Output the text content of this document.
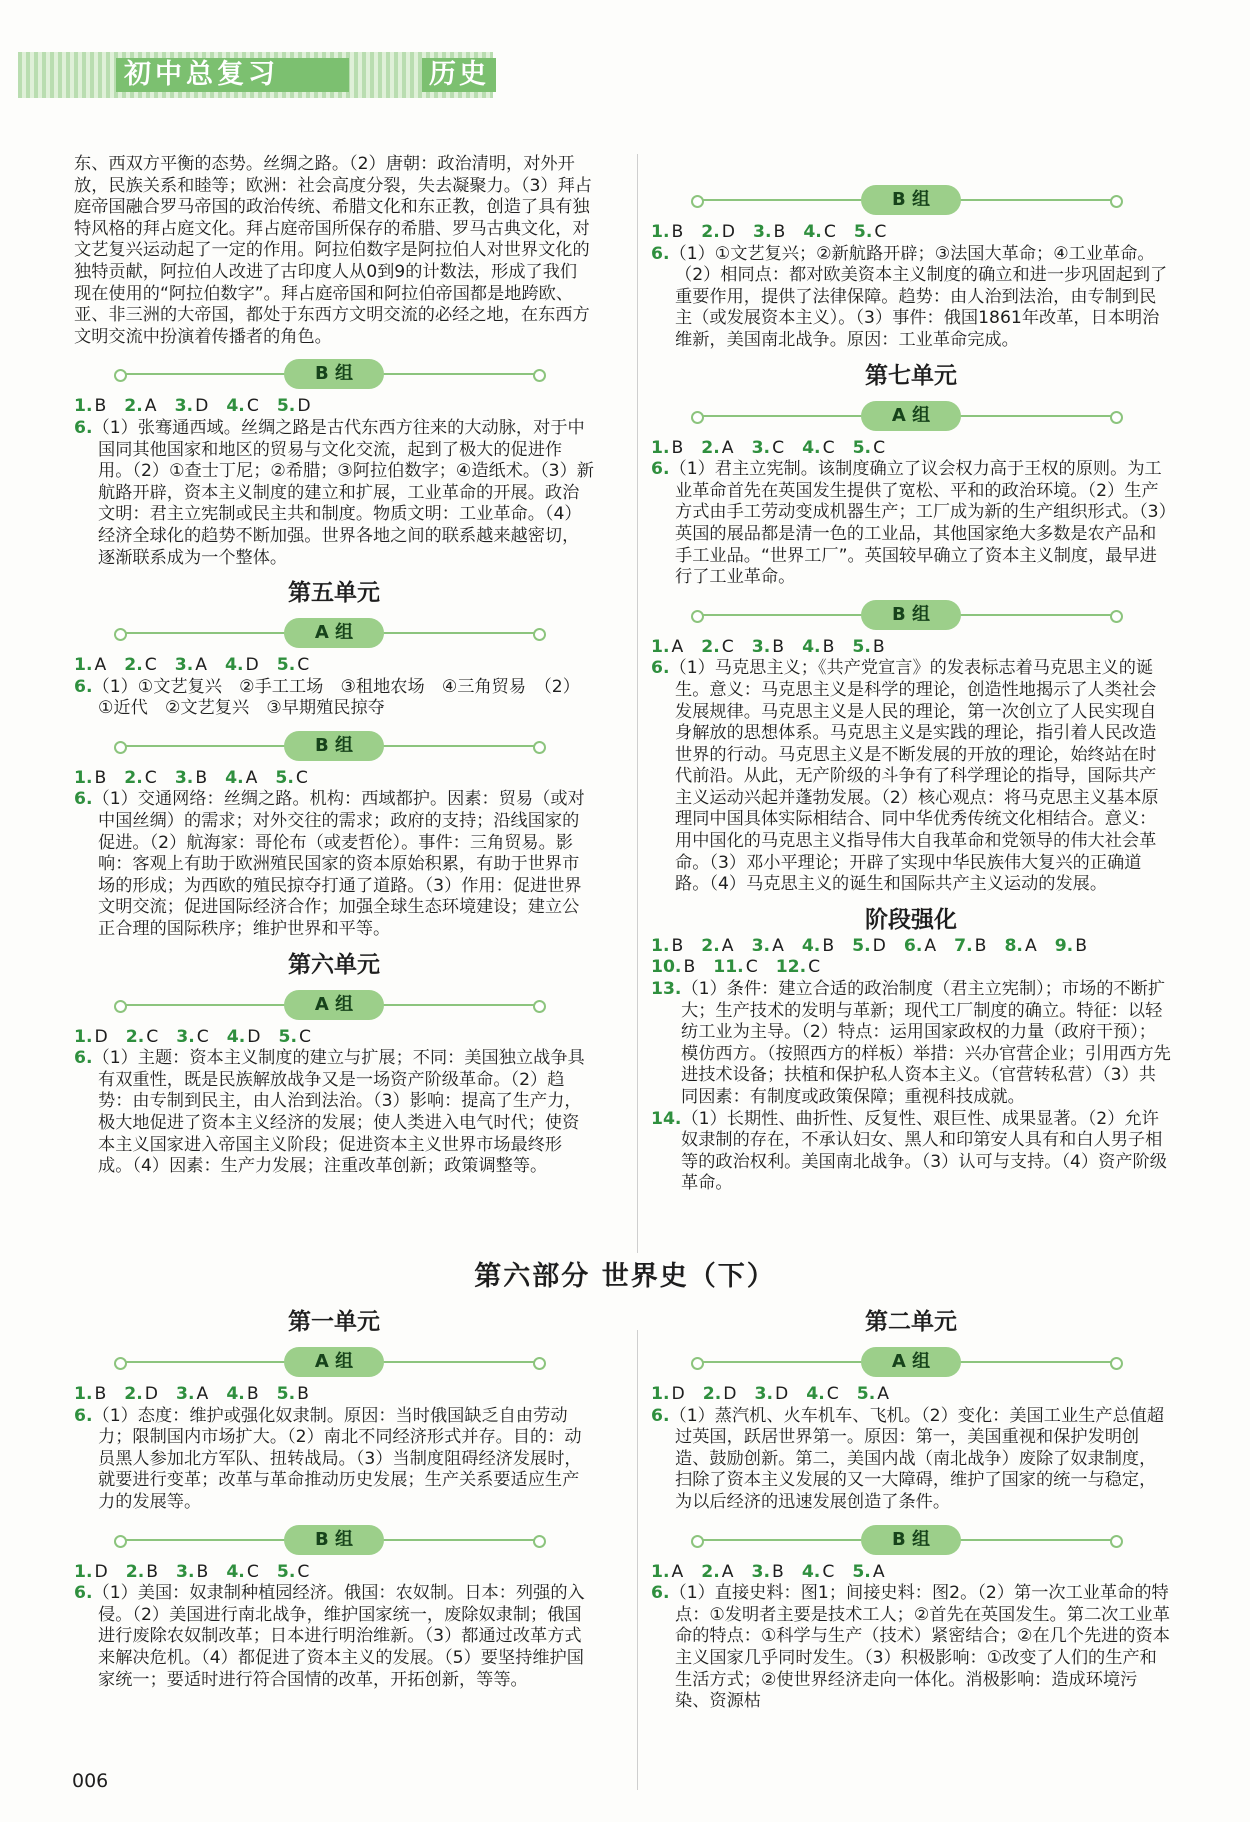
初中总复习	历史

东、西双方平衡的态势。丝绸之路。（2）唐朝：政治清明，对外开放，民族关系和睦等；欧洲：社会高度分裂，失去凝聚力。（3）拜占庭帝国融合罗马帝国的政治传统、希腊文化和东正教，创造了具有独特风格的拜占庭文化。拜占庭帝国所保存的希腊、罗马古典文化，对文艺复兴运动起了一定的作用。阿拉伯数字是阿拉伯人对世界文化的独特贡献，阿拉伯人改进了古印度人从0到9的计数法，形成了我们现在使用的“阿拉伯数字”。拜占庭帝国和阿拉伯帝国都是地跨欧、亚、非三洲的大帝国，都处于东西方文明交流的必经之地，在东西方文明交流中扮演着传播者的角色。

B 组

1. B 2. A 3. D 4. C 5. D

6.（1）张骞通西域。丝绸之路是古代东西方往来的大动脉，对于中国同其他国家和地区的贸易与文化交流，起到了极大的促进作用。（2）①查士丁尼；②希腊；③阿拉伯数字；④造纸术。（3）新航路开辟，资本主义制度的建立和扩展，工业革命的开展。政治文明：君主立宪制或民主共和制度。物质文明：工业革命。（4）经济全球化的趋势不断加强。世界各地之间的联系越来越密切，逐渐联系成为一个整体。

第五单元
A 组

1. A 2. C 3. A 4. D 5. C

6.（1）①文艺复兴　②手工工场　③租地农场　④三角贸易　（2）①近代　②文艺复兴　③早期殖民掠夺

B 组

1. B 2. C 3. B 4. A 5. C

6.（1）交通网络：丝绸之路。机构：西域都护。因素：贸易（或对中国丝绸）的需求；对外交往的需求；政府的支持；沿线国家的促进。（2）航海家：哥伦布（或麦哲伦）。事件：三角贸易。影响：客观上有助于欧洲殖民国家的资本原始积累，有助于世界市场的形成；为西欧的殖民掠夺打通了道路。（3）作用：促进世界文明交流；促进国际经济合作；加强全球生态环境建设；建立公正合理的国际秩序；维护世界和平等。

第六单元
A 组

1. D 2. C 3. C 4. D 5. C

6.（1）主题：资本主义制度的建立与扩展；不同：美国独立战争具有双重性，既是民族解放战争又是一场资产阶级革命。（2）趋势：由专制到民主，由人治到法治。（3）影响：提高了生产力，极大地促进了资本主义经济的发展；使人类进入电气时代；使资本主义国家进入帝国主义阶段；促进资本主义世界市场最终形成。（4）因素：生产力发展；注重改革创新；政策调整等。

B 组

1. B 2. D 3. B 4. C 5. C

6.（1）①文艺复兴；②新航路开辟；③法国大革命；④工业革命。（2）相同点：都对欧美资本主义制度的确立和进一步巩固起到了重要作用，提供了法律保障。趋势：由人治到法治，由专制到民主（或发展资本主义）。（3）事件：俄国1861年改革，日本明治维新，美国南北战争。原因：工业革命完成。

第七单元
A 组

1. B 2. A 3. C 4. C 5. C

6.（1）君主立宪制。该制度确立了议会权力高于王权的原则。为工业革命首先在英国发生提供了宽松、平和的政治环境。（2）生产方式由手工劳动变成机器生产；工厂成为新的生产组织形式。（3）英国的展品都是清一色的工业品，其他国家绝大多数是农产品和手工业品。“世界工厂”。英国较早确立了资本主义制度，最早进行了工业革命。

B 组

1. A 2. C 3. B 4. B 5. B

6.（1）马克思主义；《共产党宣言》的发表标志着马克思主义的诞生。意义：马克思主义是科学的理论，创造性地揭示了人类社会发展规律。马克思主义是人民的理论，第一次创立了人民实现自身解放的思想体系。马克思主义是实践的理论，指引着人民改造世界的行动。马克思主义是不断发展的开放的理论，始终站在时代前沿。从此，无产阶级的斗争有了科学理论的指导，国际共产主义运动兴起并蓬勃发展。（2）核心观点：将马克思主义基本原理同中国具体实际相结合、同中华优秀传统文化相结合。意义：用中国化的马克思主义指导伟大自我革命和党领导的伟大社会革命。（3）邓小平理论；开辟了实现中华民族伟大复兴的正确道路。（4）马克思主义的诞生和国际共产主义运动的发展。

阶段强化

1. B 2. A 3. A 4. B 5. D 6. A 7. B 8. A 9. B

10. B 11. C 12. C

13.（1）条件：建立合适的政治制度（君主立宪制）；市场的不断扩大；生产技术的发明与革新；现代工厂制度的确立。特征：以轻纺工业为主导。（2）特点：运用国家政权的力量（政府干预）；模仿西方。（按照西方的样板）举措：兴办官营企业；引用西方先进技术设备；扶植和保护私人资本主义。（官营转私营）（3）共同因素：有制度或政策保障；重视科技成就。

14.（1）长期性、曲折性、反复性、艰巨性、成果显著。（2）允许奴隶制的存在，不承认妇女、黑人和印第安人具有和白人男子相等的政治权利。美国南北战争。（3）认可与支持。（4）资产阶级革命。

第六部分 世界史（下）
第一单元
A 组

1. B 2. D 3. A 4. B 5. B

6.（1）态度：维护或强化奴隶制。原因：当时俄国缺乏自由劳动力；限制国内市场扩大。（2）南北不同经济形式并存。目的：动员黑人参加北方军队、扭转战局。（3）当制度阻碍经济发展时，就要进行变革；改革与革命推动历史发展；生产关系要适应生产力的发展等。

B 组

1. D 2. B 3. B 4. C 5. C

6.（1）美国：奴隶制种植园经济。俄国：农奴制。日本：列强的入侵。（2）美国进行南北战争，维护国家统一，废除奴隶制；俄国进行废除农奴制改革；日本进行明治维新。（3）都通过改革方式来解决危机。（4）都促进了资本主义的发展。（5）要坚持维护国家统一；要适时进行符合国情的改革，开拓创新，等等。

第二单元
A 组

1. D 2. D 3. D 4. C 5. A

6.（1）蒸汽机、火车机车、飞机。（2）变化：美国工业生产总值超过英国，跃居世界第一。原因：第一，美国重视和保护发明创造、鼓励创新。第二，美国内战（南北战争）废除了奴隶制度，扫除了资本主义发展的又一大障碍，维护了国家的统一与稳定，为以后经济的迅速发展创造了条件。

B 组

1. A 2. A 3. B 4. C 5. A

6.（1）直接史料：图1；间接史料：图2。（2）第一次工业革命的特点：①发明者主要是技术工人；②首先在英国发生。第二次工业革命的特点：①科学与生产（技术）紧密结合；②在几个先进的资本主义国家几乎同时发生。（3）积极影响：①改变了人们的生产和生活方式；②使世界经济走向一体化。消极影响：造成环境污染、资源枯

006
